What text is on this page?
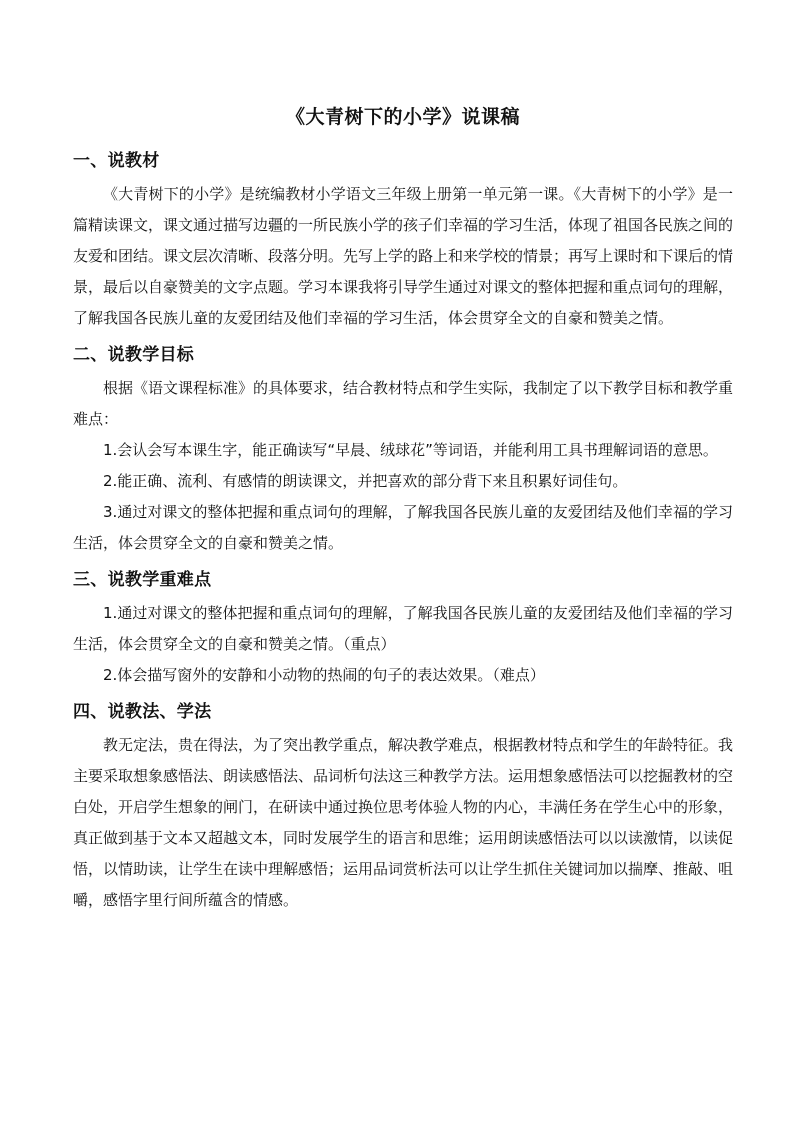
《大青树下的小学》说课稿
一、说教材

《大青树下的小学》是统编教材小学语文三年级上册第一单元第一课。《大青树下的小学》是一篇精读课文，课文通过描写边疆的一所民族小学的孩子们幸福的学习生活，体现了祖国各民族之间的友爱和团结。课文层次清晰、段落分明。先写上学的路上和来学校的情景；再写上课时和下课后的情景，最后以自豪赞美的文字点题。学习本课我将引导学生通过对课文的整体把握和重点词句的理解，了解我国各民族儿童的友爱团结及他们幸福的学习生活，体会贯穿全文的自豪和赞美之情。

二、说教学目标

根据《语文课程标准》的具体要求，结合教材特点和学生实际，我制定了以下教学目标和教学重难点：

1.会认会写本课生字，能正确读写“早晨、绒球花”等词语，并能利用工具书理解词语的意思。

2.能正确、流利、有感情的朗读课文，并把喜欢的部分背下来且积累好词佳句。

3.通过对课文的整体把握和重点词句的理解，了解我国各民族儿童的友爱团结及他们幸福的学习生活，体会贯穿全文的自豪和赞美之情。

三、说教学重难点

1.通过对课文的整体把握和重点词句的理解，了解我国各民族儿童的友爱团结及他们幸福的学习生活，体会贯穿全文的自豪和赞美之情。（重点）

2.体会描写窗外的安静和小动物的热闹的句子的表达效果。（难点）

四、说教法、学法

教无定法，贵在得法，为了突出教学重点，解决教学难点，根据教材特点和学生的年龄特征。我主要采取想象感悟法、朗读感悟法、品词析句法这三种教学方法。运用想象感悟法可以挖掘教材的空白处，开启学生想象的闸门，在研读中通过换位思考体验人物的内心，丰满任务在学生心中的形象，真正做到基于文本又超越文本，同时发展学生的语言和思维；运用朗读感悟法可以以读激情，以读促悟，以情助读，让学生在读中理解感悟；运用品词赏析法可以让学生抓住关键词加以揣摩、推敲、咀嚼，感悟字里行间所蕴含的情感。
